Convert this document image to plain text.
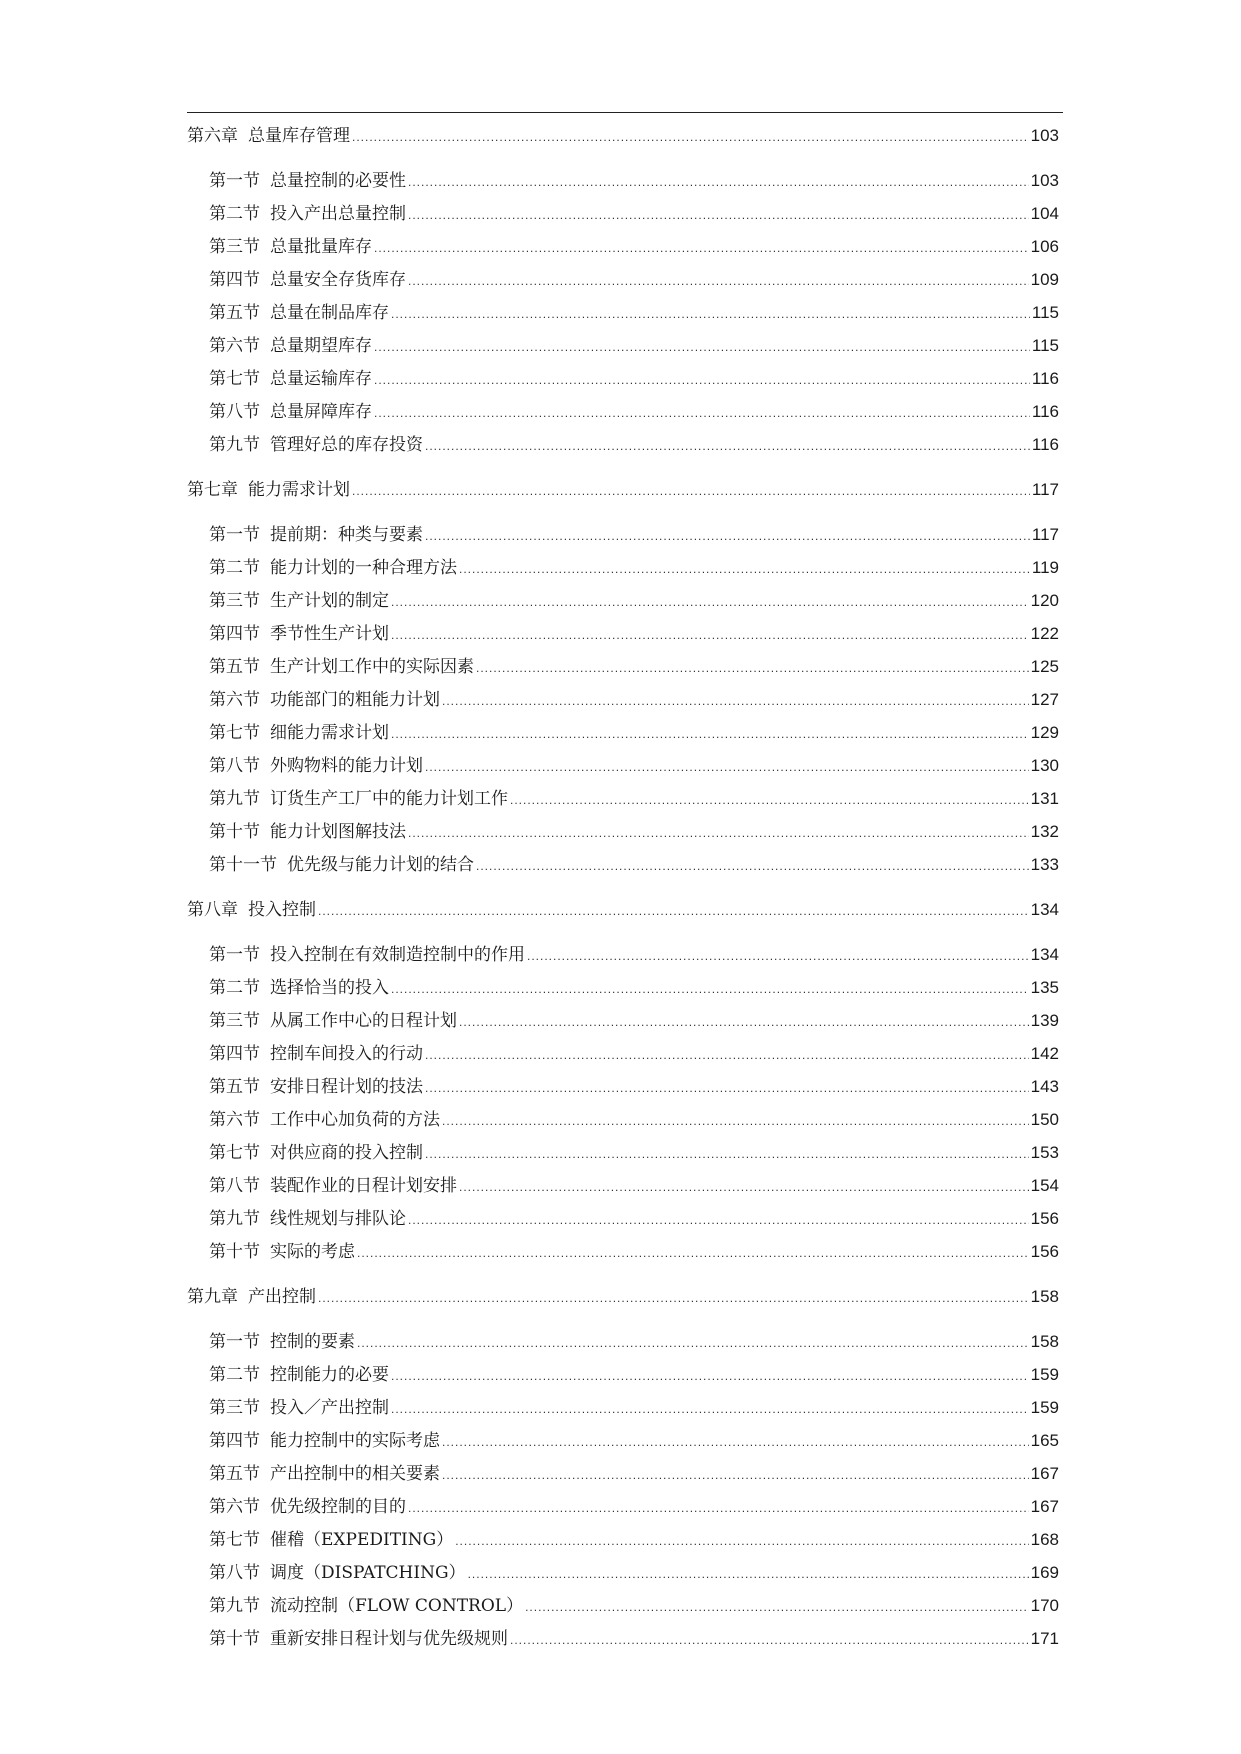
第六章 总量库存管理 .....	103
第一节 总量控制的必要性 .....	103
第二节 投入产出总量控制 .....	104
第三节 总量批量库存 .....	106
第四节 总量安全存货库存 .....	109
第五节 总量在制品库存 .....	115
第六节 总量期望库存 .....	115
第七节 总量运输库存 .....	116
第八节 总量屏障库存 .....	116
第九节 管理好总的库存投资 .....	116
第七章 能力需求计划 .....	117
第一节 提前期：种类与要素 .....	117
第二节 能力计划的一种合理方法 .....	119
第三节 生产计划的制定 .....	120
第四节 季节性生产计划 .....	122
第五节 生产计划工作中的实际因素 .....	125
第六节 功能部门的粗能力计划 .....	127
第七节 细能力需求计划 .....	129
第八节 外购物料的能力计划 .....	130
第九节 订货生产工厂中的能力计划工作 .....	131
第十节 能力计划图解技法 .....	132
第十一节 优先级与能力计划的结合 .....	133
第八章 投入控制 .....	134
第一节 投入控制在有效制造控制中的作用 .....	134
第二节 选择恰当的投入 .....	135
第三节 从属工作中心的日程计划 .....	139
第四节 控制车间投入的行动 .....	142
第五节 安排日程计划的技法 .....	143
第六节 工作中心加负荷的方法 .....	150
第七节 对供应商的投入控制 .....	153
第八节 装配作业的日程计划安排 .....	154
第九节 线性规划与排队论 .....	156
第十节 实际的考虑 .....	156
第九章 产出控制 .....	158
第一节 控制的要素 .....	158
第二节 控制能力的必要 .....	159
第三节 投入／产出控制 .....	159
第四节 能力控制中的实际考虑 .....	165
第五节 产出控制中的相关要素 .....	167
第六节 优先级控制的目的 .....	167
第七节 催稽（EXPEDITING） .....	168
第八节 调度（DISPATCHING） .....	169
第九节 流动控制（FLOW CONTROL） .....	170
第十节 重新安排日程计划与优先级规则 .....	171
